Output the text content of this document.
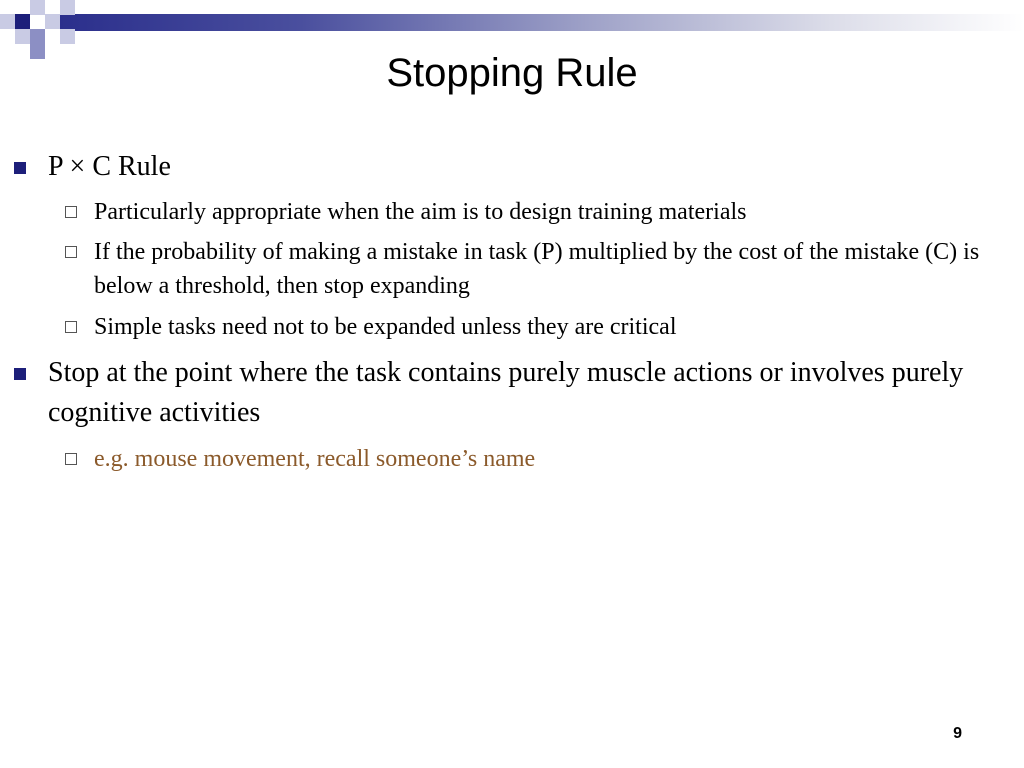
Stopping Rule
P × C Rule
Particularly appropriate when the aim is to design training materials
If the probability of making a mistake in task (P) multiplied by the cost of the mistake (C) is below a threshold, then stop expanding
Simple tasks need not to be expanded unless they are critical
Stop at the point where the task contains purely muscle actions or involves purely cognitive activities
e.g. mouse movement, recall someone’s name
9
